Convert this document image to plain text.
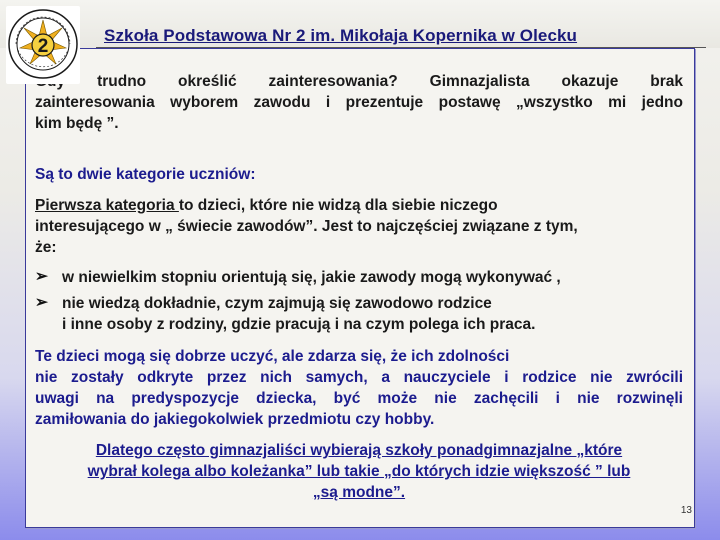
2
Szkoła Podstawowa Nr 2 im. Mikołaja Kopernika w Olecku
trudno określić zainteresowania? Gimnazjalista okazuje brak
zainteresowania wyborem zawodu i prezentuje postawę „wszystko mi jedno
kim będę ”.
Są to dwie kategorie uczniów:
Pierwsza kategoria to dzieci, które nie widzą dla siebie niczego
interesującego w „ świecie zawodów”. Jest to najczęściej związane z tym,
że:
➢ w niewielkim stopniu orientują się, jakie zawody mogą wykonywać ,
➢ nie wiedzą dokładnie, czym zajmują się zawodowo rodzice
i inne osoby z rodziny, gdzie pracują i na czym polega ich praca.
Te dzieci mogą się dobrze uczyć, ale zdarza się, że ich zdolności
nie zostały odkryte przez nich samych, a nauczyciele i rodzice nie zwrócili
uwagi na predyspozycje dziecka, być może nie zachęcili i nie rozwinęli
zamiłowania do jakiegokolwiek przedmiotu czy hobby.
Dlatego często gimnazjaliści wybierają szkoły ponadgimnazjalne „które
wybrał kolega albo koleżanka” lub takie „do których idzie większość ” lub
„są modne”.
13
